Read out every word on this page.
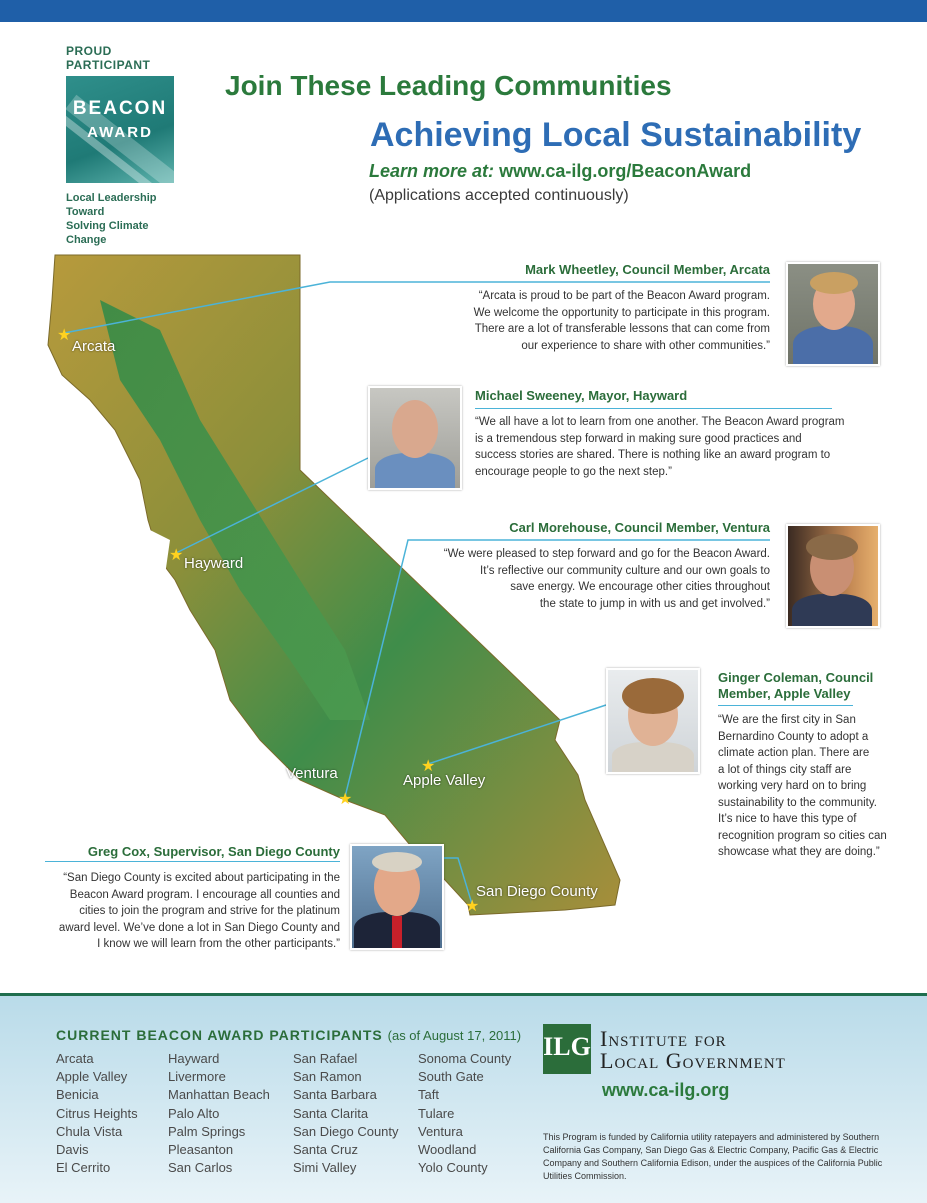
PROUD
PARTICIPANT
BEACON
AWARD
Local Leadership Toward
Solving Climate Change
Join These Leading Communities
Achieving Local Sustainability
Learn more at: www.ca-ilg.org/BeaconAward
(Applications accepted continuously)
★
★
★
★
★
Arcata
Hayward
Ventura	Apple Valley
San Diego County
Mark Wheetley, Council Member, Arcata
“Arcata is proud to be part of the Beacon Award program.
We welcome the opportunity to participate in this program.
There are a lot of transferable lessons that can come from
our experience to share with other communities.”
Michael Sweeney, Mayor, Hayward
“We all have a lot to learn from one another. The Beacon Award program
is a tremendous step forward in making sure good practices and
success stories are shared. There is nothing like an award program to
encourage people to go the next step.”
Carl Morehouse, Council Member, Ventura
“We were pleased to step forward and go for the Beacon Award.
It’s reflective our community culture and our own goals to
save energy. We encourage other cities throughout
the state to jump in with us and get involved.”
Ginger Coleman, Council
Member, Apple Valley
“We are the first city in San
Bernardino County to adopt a
climate action plan. There are
a lot of things city staff are
working very hard on to bring
sustainability to the community.
It’s nice to have this type of
recognition program so cities can
showcase what they are doing.”
Greg Cox, Supervisor, San Diego County
“San Diego County is excited about participating in the
Beacon Award program. I encourage all counties and
cities to join the program and strive for the platinum
award level. We’ve done a lot in San Diego County and
I know we will learn from the other participants.”
CURRENT BEACON AWARD PARTICIPANTS (as of August 17, 2011)
Arcata
Apple Valley
Benicia
Citrus Heights
Chula Vista
Davis
El Cerrito
Hayward
Livermore
Manhattan Beach
Palo Alto
Palm Springs
Pleasanton
San Carlos
San Rafael
San Ramon
Santa Barbara
Santa Clarita
San Diego County
Santa Cruz
Simi Valley
Sonoma County
South Gate
Taft
Tulare
Ventura
Woodland
Yolo County
ILG
FOUNDED 1955
Institute for
Local Government
www.ca-ilg.org
This Program is funded by California utility ratepayers and administered by Southern California Gas Company, San Diego Gas & Electric Company, Pacific Gas & Electric Company and Southern California Edison, under the auspices of the California Public Utilities Commission.
